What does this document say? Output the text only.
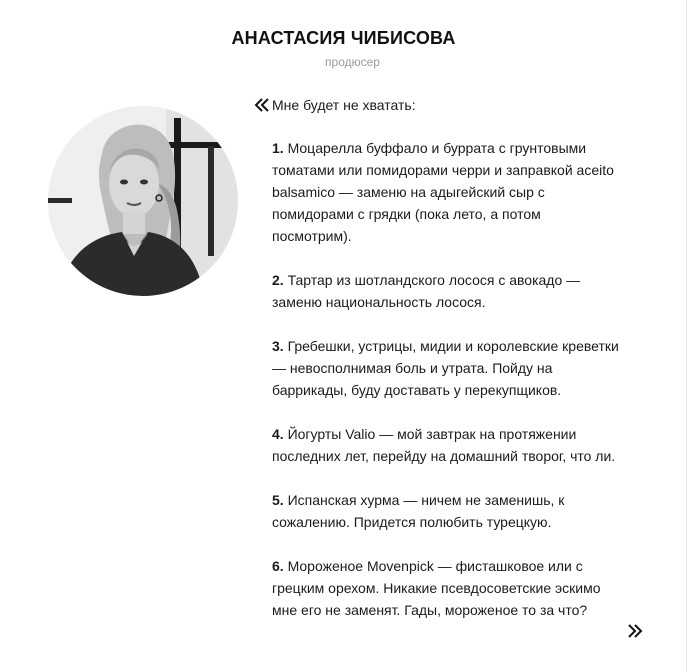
АНАСТАСИЯ ЧИБИСОВА
продюсер
Мне будет не хватать:
1. Моцарелла буффало и буррата с грунтовыми томатами или помидорами черри и заправкой aceito balsamico — заменю на адыгейский сыр с помидорами с грядки (пока лето, а потом посмотрим).
2. Тартар из шотландского лосося с авокадо — заменю национальность лосося.
3. Гребешки, устрицы, мидии и королевские креветки — невосполнимая боль и утрата. Пойду на баррикады, буду доставать у перекупщиков.
4. Йогурты Valio — мой завтрак на протяжении последних лет, перейду на домашний творог, что ли.
5. Испанская хурма — ничем не заменишь, к сожалению. Придется полюбить турецкую.
6. Мороженое Movenpick — фисташковое или с грецким орехом. Никакие псевдосоветские эскимо мне его не заменят. Гады, мороженое то за что?
